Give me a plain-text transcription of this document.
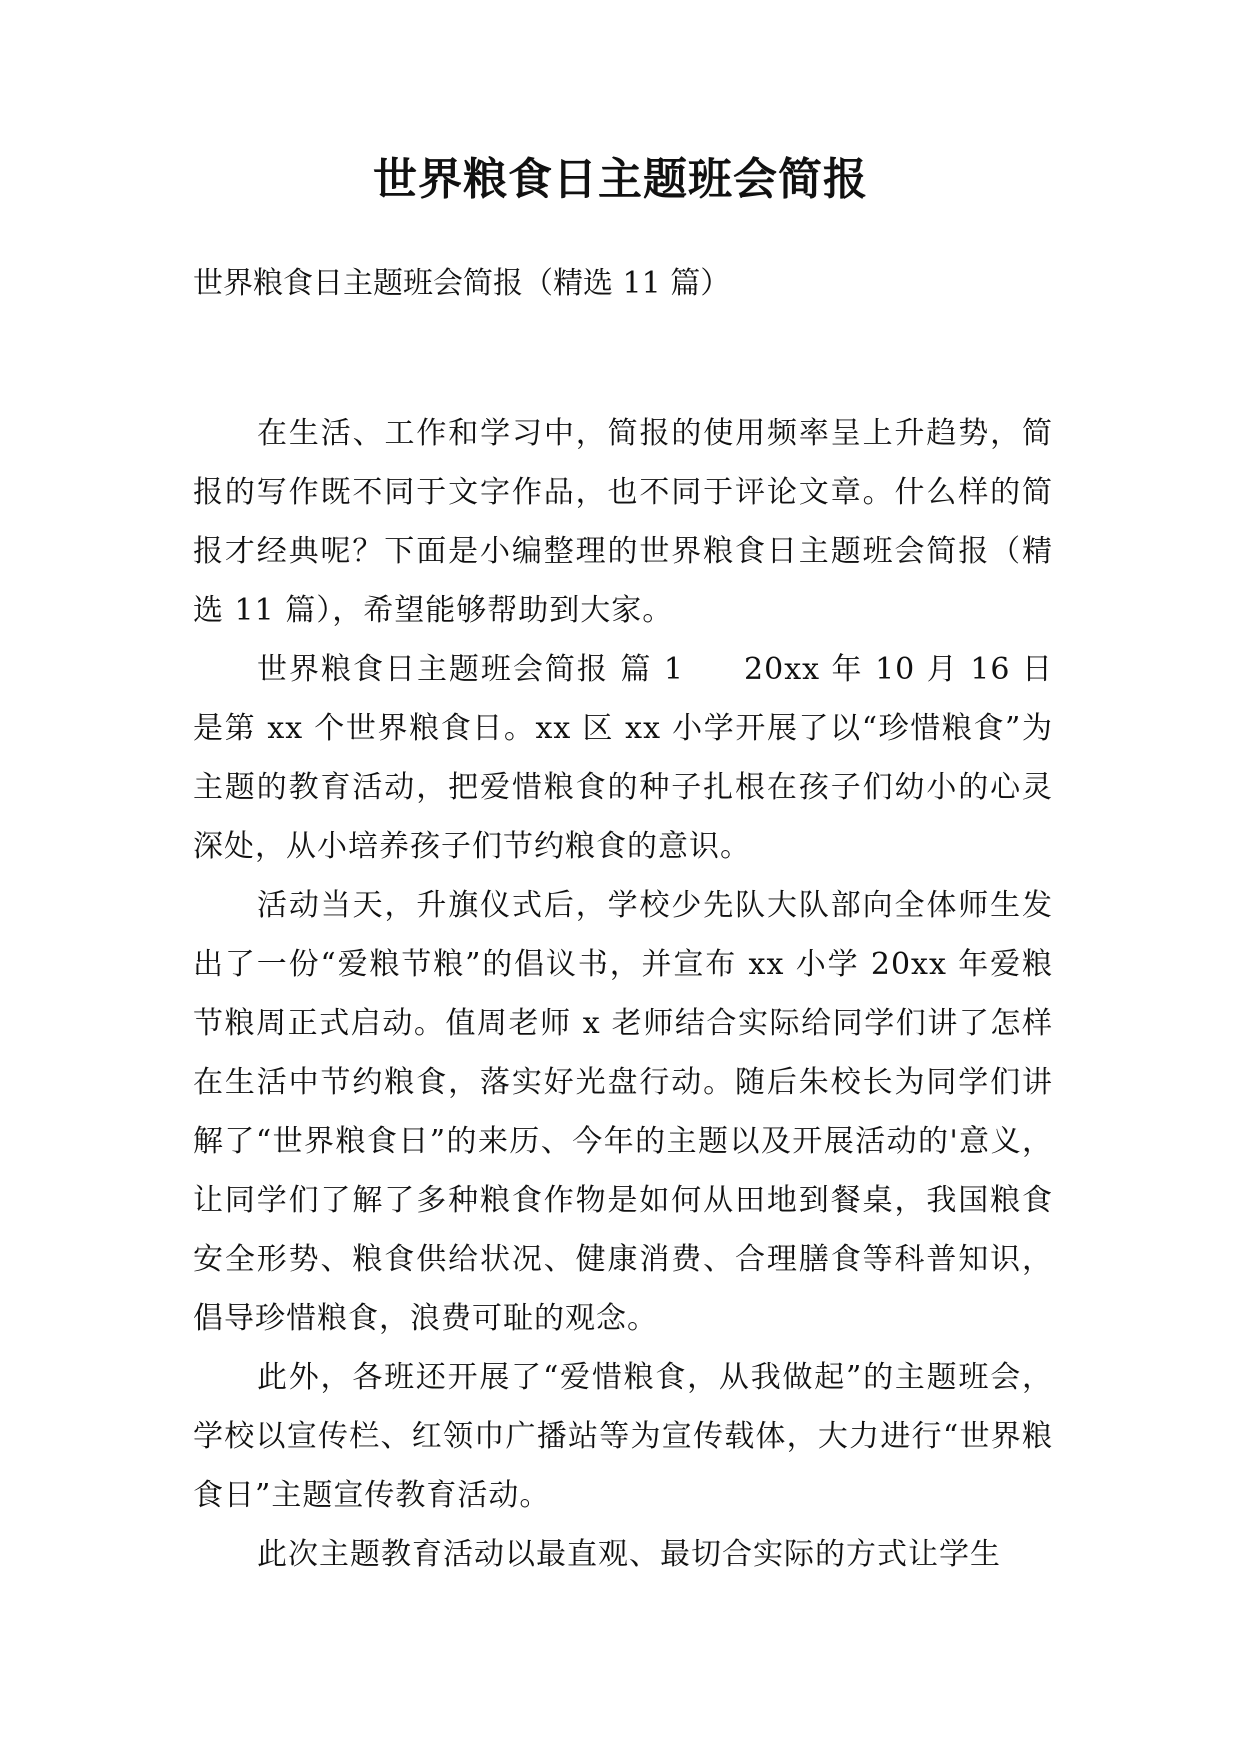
世界粮食日主题班会简报

世界粮食日主题班会简报（精选 11 篇）

在生活、工作和学习中，简报的使用频率呈上升趋势，简报的写作既不同于文字作品，也不同于评论文章。什么样的简报才经典呢？下面是小编整理的世界粮食日主题班会简报（精选 11 篇），希望能够帮助到大家。

世界粮食日主题班会简报 篇 1 20xx 年 10 月 16 日是第 xx 个世界粮食日。xx 区 xx 小学开展了以“珍惜粮食”为主题的教育活动，把爱惜粮食的种子扎根在孩子们幼小的心灵深处，从小培养孩子们节约粮食的意识。

活动当天，升旗仪式后，学校少先队大队部向全体师生发出了一份“爱粮节粮”的倡议书，并宣布 xx 小学 20xx 年爱粮节粮周正式启动。值周老师 x 老师结合实际给同学们讲了怎样在生活中节约粮食，落实好光盘行动。随后朱校长为同学们讲解了“世界粮食日”的来历、今年的主题以及开展活动的'意义，让同学们了解了多种粮食作物是如何从田地到餐桌，我国粮食安全形势、粮食供给状况、健康消费、合理膳食等科普知识，倡导珍惜粮食，浪费可耻的观念。

此外，各班还开展了“爱惜粮食，从我做起”的主题班会，学校以宣传栏、红领巾广播站等为宣传载体，大力进行“世界粮食日”主题宣传教育活动。

此次主题教育活动以最直观、最切合实际的方式让学生
